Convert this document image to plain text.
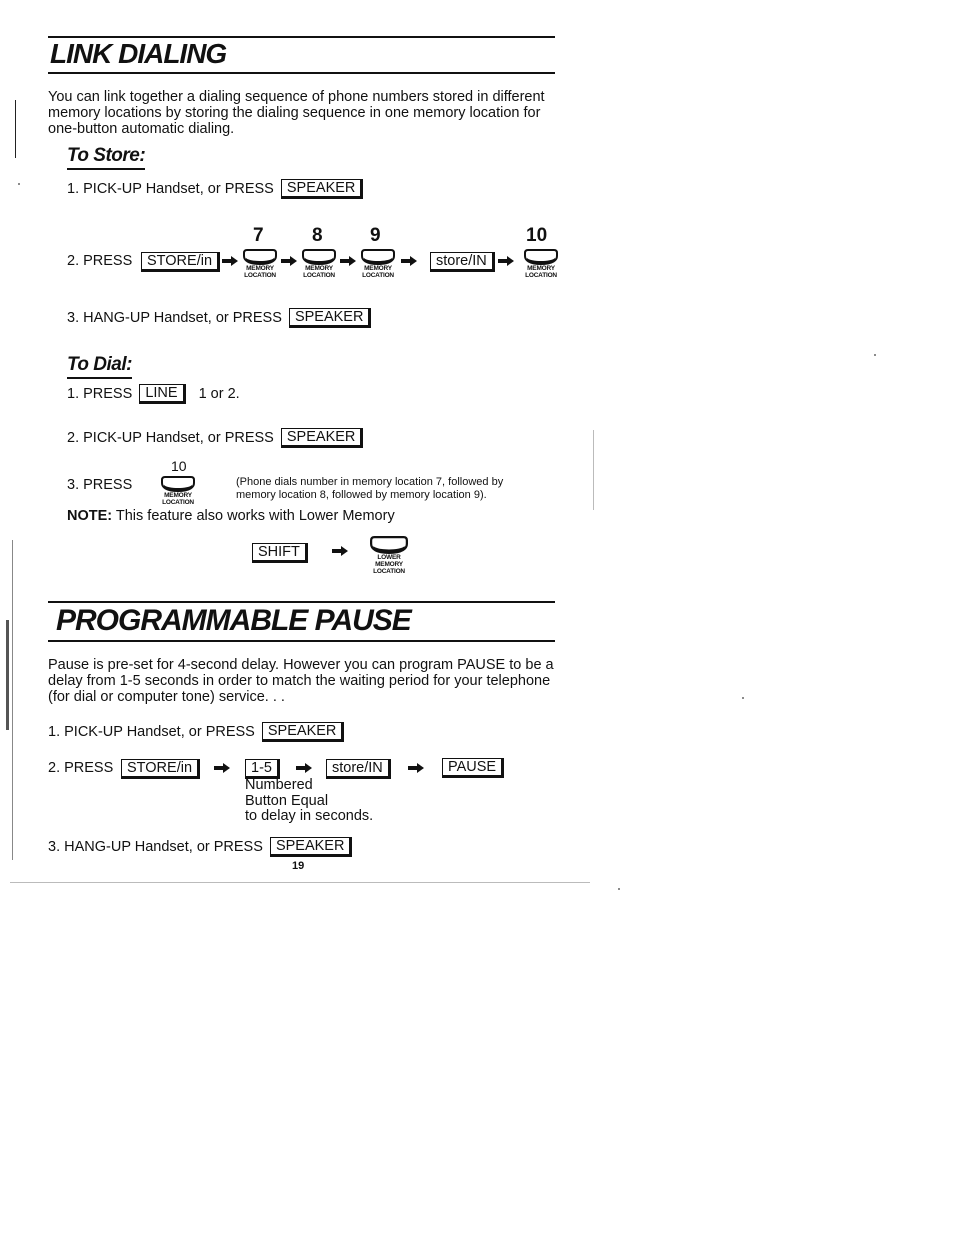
LINK DIALING
You can link together a dialing sequence of phone numbers stored in different memory locations by storing the dialing sequence in one memory location for one-button automatic dialing.
To Store:
1. PICK-UP Handset, or PRESS SPEAKER
7	8 9	10
2. PRESS	STORE/in	MEMORY
LOCATION
MEMORY
LOCATION
MEMORY
LOCATION
store/IN	MEMORY
LOCATION
3. HANG-UP Handset, or PRESS SPEAKER
To Dial:
1. PRESS LINE 1 or 2.
2. PICK-UP Handset, or PRESS SPEAKER
3. PRESS
10
MEMORY
LOCATION
(Phone dials number in memory location 7, followed by memory location 8, followed by memory location 9).
NOTE: This feature also works with Lower Memory
SHIFT	LOWER
MEMORY
LOCATION
PROGRAMMABLE PAUSE
Pause is pre-set for 4-second delay. However you can program PAUSE to be a delay from 1-5 seconds in order to match the waiting period for your telephone (for dial or computer tone) service. . .
1. PICK-UP Handset, or PRESS SPEAKER
2. PRESS STORE/in	1-5	store/IN	PAUSE
Numbered
Button Equal
to delay in seconds.
3. HANG-UP Handset, or PRESS SPEAKER
19
